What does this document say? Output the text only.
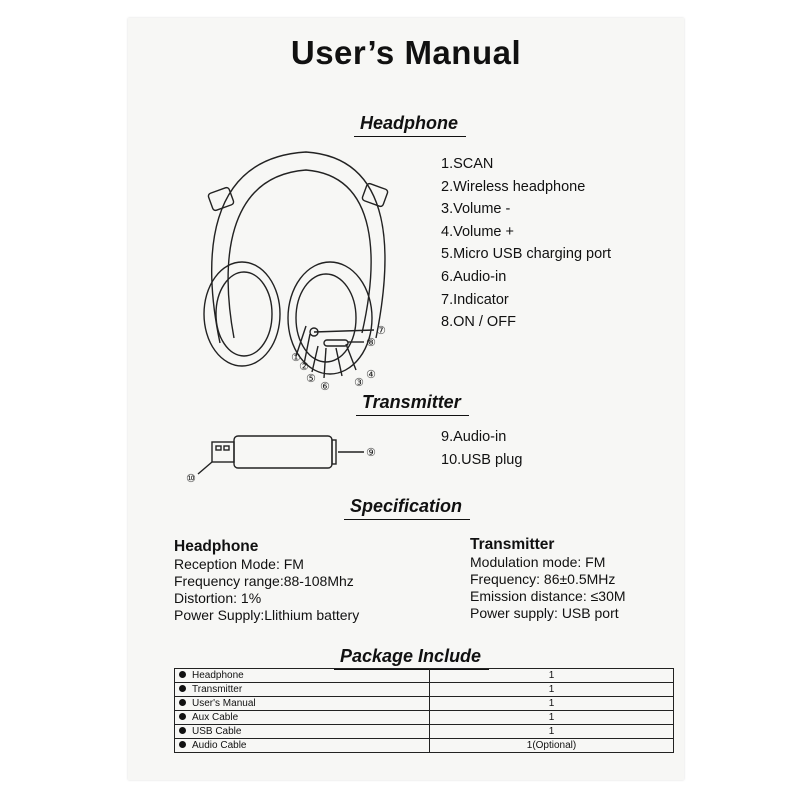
User’s Manual
Headphone
①
②
③
④
⑤
⑥
⑦
⑧
1.SCAN
2.Wireless headphone
3.Volume -
4.Volume +
5.Micro USB charging port
6.Audio-in
7.Indicator
8.ON / OFF
Transmitter
⑨
⑩
9.Audio-in
10.USB plug
Specification
Headphone
Reception Mode: FM
Frequency range:88-108Mhz
Distortion: 1%
Power Supply:Llithium battery
Transmitter
Modulation mode: FM
Frequency: 86±0.5MHz
Emission distance: ≤30M
Power supply: USB port
Package Include
Headphone	1
Transmitter	1
User's Manual	1
Aux Cable	1
USB Cable	1
Audio Cable	1(Optional)
